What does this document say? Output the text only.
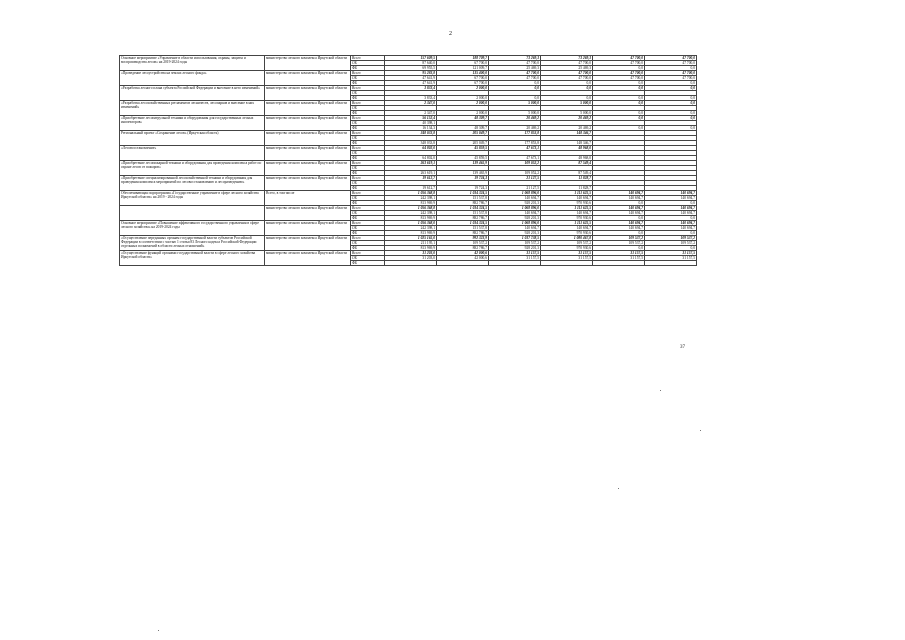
2
Основное мероприятие «Управление в области использования, охраны, защиты и воспроизводства лесов» на 2019-2024 годы	министерство лесного комплекса Иркутской области	Всего	157 609,5	188 709,7	73 269,3	73 269,3	47 700,0	47 700,0
		ОБ	87 640,0	67 700,0	47 700,0	47 700,0	47 700,0	47 700,0
		ФБ	69 955,5	121 009,7	25 469,3	25 469,3	0,0	0,0
«Проведение лесоустройства на землях лесного фонда»	министерство лесного комплекса Иркутской области	Всего	95 283,8	135 400,0	47 700,0	47 700,0	47 700,0	47 700,0
		ОБ	47 641,9	67 700,0	47 700,0	47 700,0	47 700,0	47 700,0
		ФБ	47 641,9	67 700,0	0,0	0,0	0,0	0,0
«Разработка лесного плана субъекта Российской Федерации и внесение в него изменений»	министерство лесного комплекса Иркутской области	Всего	3 833,4	2 000,0	0,0	0,0	0,0	0,0
		ОБ						
		ФБ	3 833,4	2 000,0	0,0	0,0	0,0	0,0
«Разработка лесохозяйственных регламентов лесничеств, лесопарков и внесение в них изменений»	министерство лесного комплекса Иркутской области	Всего	2 347,0	2 000,0	5 000,0	5 000,0	0,0	0,0
		ОБ						
		ФБ	2 347,0	2 000,0	5 000,0	5 000,0	0,0	0,0
«Приобретение лесопатрульной техники и оборудования для государственных лесных инспекторов»	министерство лесного комплекса Иркутской области	Всего	56 152,4	48 309,7	20 469,2	20 469,2	0,0	0,0
		ОБ	40 398,1					
		ФБ	16 134,3	48 309,7	20 469,2	20 469,2	0,0	0,0
Региональный проект «Сохранение лесов» (Иркутская область)	министерство лесного комплекса Иркутской области	Всего	348 033,8	205 049,7	177 853,8	148 346,7		
		ОБ						
		ФБ	348 033,8	205 049,7	177 853,8	148 346,7		
«Лесовосстановление»	министерство лесного комплекса Иркутской области	Всего	64 802,0	45 859,5	47 673,1	48 968,0		
		ОБ						
		ФБ	64 802,0	45 859,5	47 673,1	48 968,0		
«Приобретение лесопожарной техники и оборудования для проведения комплекса работ по охране лесов от пожаров»	министерство лесного комплекса Иркутской области	Всего	263 619,1	139 465,9	109 052,2	87 549,4		
		ОБ						
		ФБ	263 619,1	139 465,9	109 052,2	87 549,4		
«Приобретение специализированной лесохозяйственной техники и оборудования для проведения комплекса мероприятий по лесовосстановлению и лесоразведению»	министерство лесного комплекса Иркутской области	Всего	19 612,7	19 724,3	21 127,5	11 828,7		
		ОБ						
		ФБ	19 612,7	19 724,3	21 127,5	11 828,7		
Обеспечивающая подпрограмма «Государственное управление в сфере лесного хозяйства Иркутской области» на 2019 - 2024 годы	Всего, в том числе	Всего	1 056 368,8	1 034 324,5	1 068 896,0	1 111 625,5	140 694,7	140 694,7
		ОБ	242 398,1	151 537,8	140 694,7	140 694,7	140 694,7	140 694,7
		ФБ	813 969,9	882 786,7	928 201,3	970 930,6	0,0	0,0
	министерство лесного комплекса Иркутской области	Всего	1 056 368,8	1 034 324,5	1 068 896,0	1 111 625,5	140 694,7	140 694,7
		ОБ	242 398,1	151 537,8	140 694,7	140 694,7	140 694,7	140 694,7
		ФБ	813 969,9	882 786,7	928 201,3	970 930,6	0,0	0,0
Основное мероприятие «Повышение эффективного государственного управления в сфере лесного хозяйства» на 2019-2024 годы	министерство лесного комплекса Иркутской области	Всего	1 056 368,0	1 034 324,5	1 068 896,0	1 111 625,5	140 694,7	140 694,7
		ОБ	242 398,1	151 537,8	140 694,7	140 694,7	140 694,7	140 694,7
		ФБ	813 969,9	882 786,7	928 201,3	970 930,6	0,0	0,0
«Осуществление переданных органам государственной власти субъектов Российской Федерации в соответствии с частью 1 статьи 83 Лесного кодекса Российской Федерации отдельных полномочий в области лесных отношений»	министерство лесного комплекса Иркутской области	Всего	1 025 165,0	992 323,9	1 037 738,5	1 080 467,8	109 537,2	109 537,2
		ОБ	211 195,1	109 537,2	109 537,2	109 537,2	109 537,2	109 537,2
		ФБ	813 969,9	882 786,7	928 201,3	970 930,6	0,0	0,0
«Осуществление функций органами государственной власти в сфере лесного хозяйства Иркутской области»	министерство лесного комплекса Иркутской области	Всего	31 203,0	42 000,6	31 157,5	31 157,5	31 157,5	31 157,5
		ОБ	31 203,0	42 000,6	31 157,5	31 157,5	31 157,5	31 157,5
		ФБ						
37
